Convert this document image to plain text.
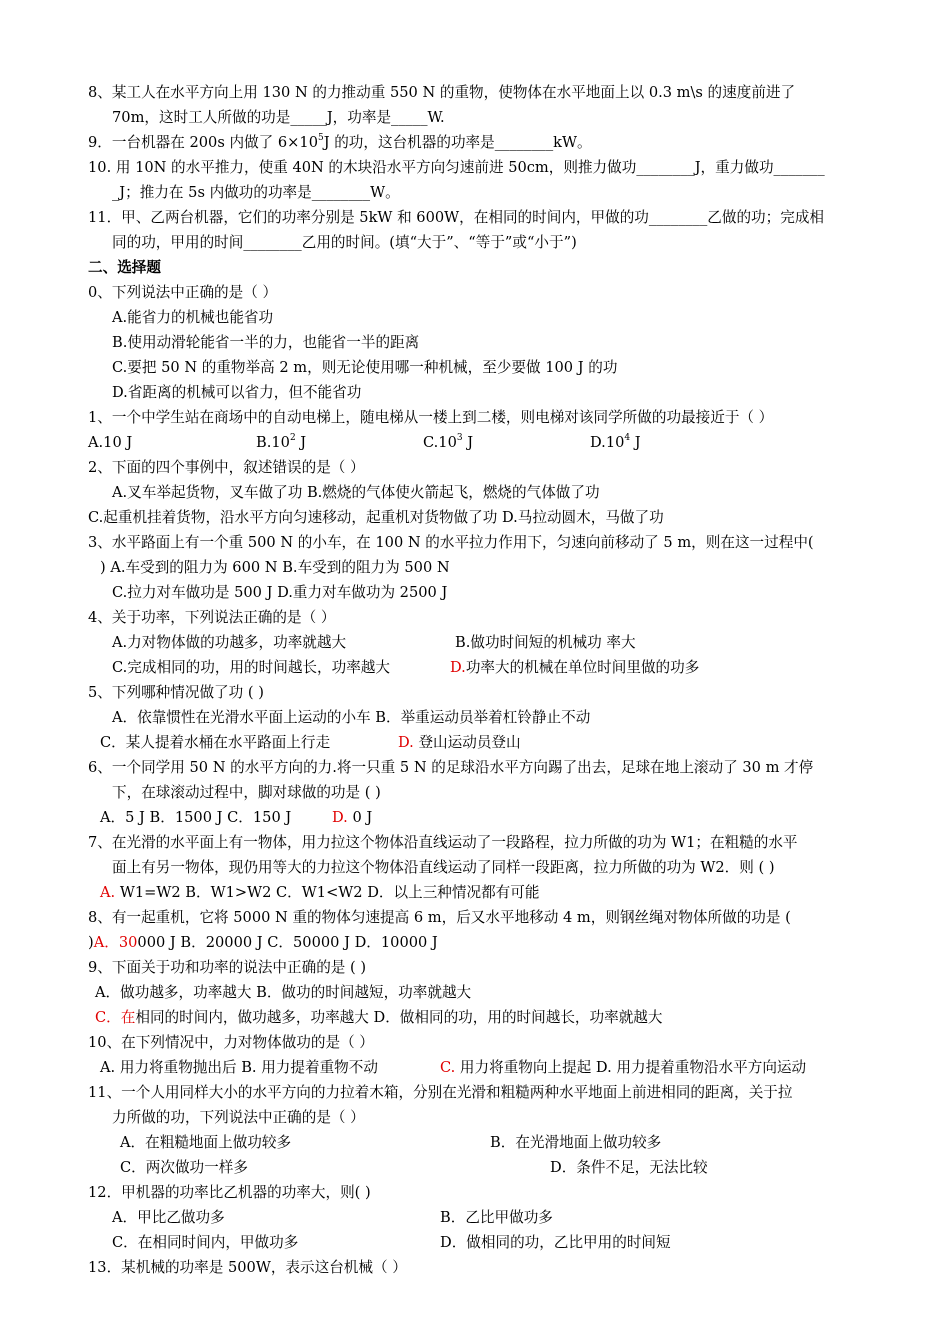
8、某工人在水平方向上用 130 N 的力推动重 550 N 的重物，使物体在水平地面上以 0.3 m\s 的速度前进了
70m，这时工人所做的功是_____J，功率是_____W.
9．一台机器在 200s 内做了 $6\times 10^5J$ 的功，这台机器的功率是________kW。
10. 用 10N 的水平推力，使重 40N 的木块沿水平方向匀速前进 50cm，则推力做功________J，重力做功_______
_J；推力在 5s 内做功的功率是________W。
11．甲、乙两台机器，它们的功率分别是 5kW 和 600W，在相同的时间内，甲做的功________乙做的功；完成相
同的功，甲用的时间________乙用的时间。(填“大于”、“等于”或“小于”)
二、选择题
0、下列说法中正确的是（ ）
A.能省力的机械也能省功
B.使用动滑轮能省一半的力，也能省一半的距离
C.要把 50 N 的重物举高 2 m，则无论使用哪一种机械，至少要做 100 J 的功
D.省距离的机械可以省力，但不能省功
1、一个中学生站在商场中的自动电梯上，随电梯从一楼上到二楼，则电梯对该同学所做的功最接近于（ ）
A.10 J	$B.10^2$ J	$C.10^3$ J	$D.10^4$ J
2、下面的四个事例中，叙述错误的是（ ）
A.叉车举起货物，叉车做了功 B.燃烧的气体使火箭起飞，燃烧的气体做了功
C.起重机挂着货物，沿水平方向匀速移动，起重机对货物做了功 D.马拉动圆木，马做了功
3、水平路面上有一个重 500 N 的小车，在 100 N 的水平拉力作用下，匀速向前移动了 5 m，则在这一过程中(
) A.车受到的阻力为 600 N B.车受到的阻力为 500 N
C.拉力对车做功是 500 J D.重力对车做功为 2500 J
4、关于功率，下列说法正确的是（ ）
A.力对物体做的功越多，功率就越大	B.做功时间短的机械功 率大
C.完成相同的功，用的时间越长，功率越大	D.功率大的机械在单位时间里做的功多
5、下列哪种情况做了功 ( )
A．依靠惯性在光滑水平面上运动的小车 B．举重运动员举着杠铃静止不动
C．某人提着水桶在水平路面上行走	D. 登山运动员登山
6、一个同学用 50 N 的水平方向的力.将一只重 5 N 的足球沿水平方向踢了出去，足球在地上滚动了 30 m 才停
下，在球滚动过程中，脚对球做的功是 ( )
A．5 J B．1500 J C．150 J	D. 0 J
7、在光滑的水平面上有一物体，用力拉这个物体沿直线运动了一段路程，拉力所做的功为 W1；在粗糙的水平
面上有另一物体，现仍用等大的力拉这个物体沿直线运动了同样一段距离，拉力所做的功为 W2．则 ( )
A. W1=W2 B．W1>W2 C．W1<W2 D．以上三种情况都有可能
8、有一起重机，它将 5000 N 重的物体匀速提高 6 m，后又水平地移动 4 m，则钢丝绳对物体所做的功是 (
)A．30000 J B．20000 J C．50000 J D．10000 J
9、下面关于功和功率的说法中正确的是 ( )
A．做功越多，功率越大 B．做功的时间越短，功率就越大
C．在相同的时间内，做功越多，功率越大 D．做相同的功，用的时间越长，功率就越大
10、在下列情况中，力对物体做功的是（ ）
A. 用力将重物抛出后 B. 用力提着重物不动	C. 用力将重物向上提起 D. 用力提着重物沿水平方向运动
11、一个人用同样大小的水平方向的力拉着木箱，分别在光滑和粗糙两种水平地面上前进相同的距离，关于拉
力所做的功，下列说法中正确的是（ ）
A．在粗糙地面上做功较多	B．在光滑地面上做功较多
C．两次做功一样多	D．条件不足，无法比较
12．甲机器的功率比乙机器的功率大，则( )
A．甲比乙做功多	B．乙比甲做功多
C．在相同时间内，甲做功多	D．做相同的功，乙比甲用的时间短
13．某机械的功率是 500W，表示这台机械（ ）
